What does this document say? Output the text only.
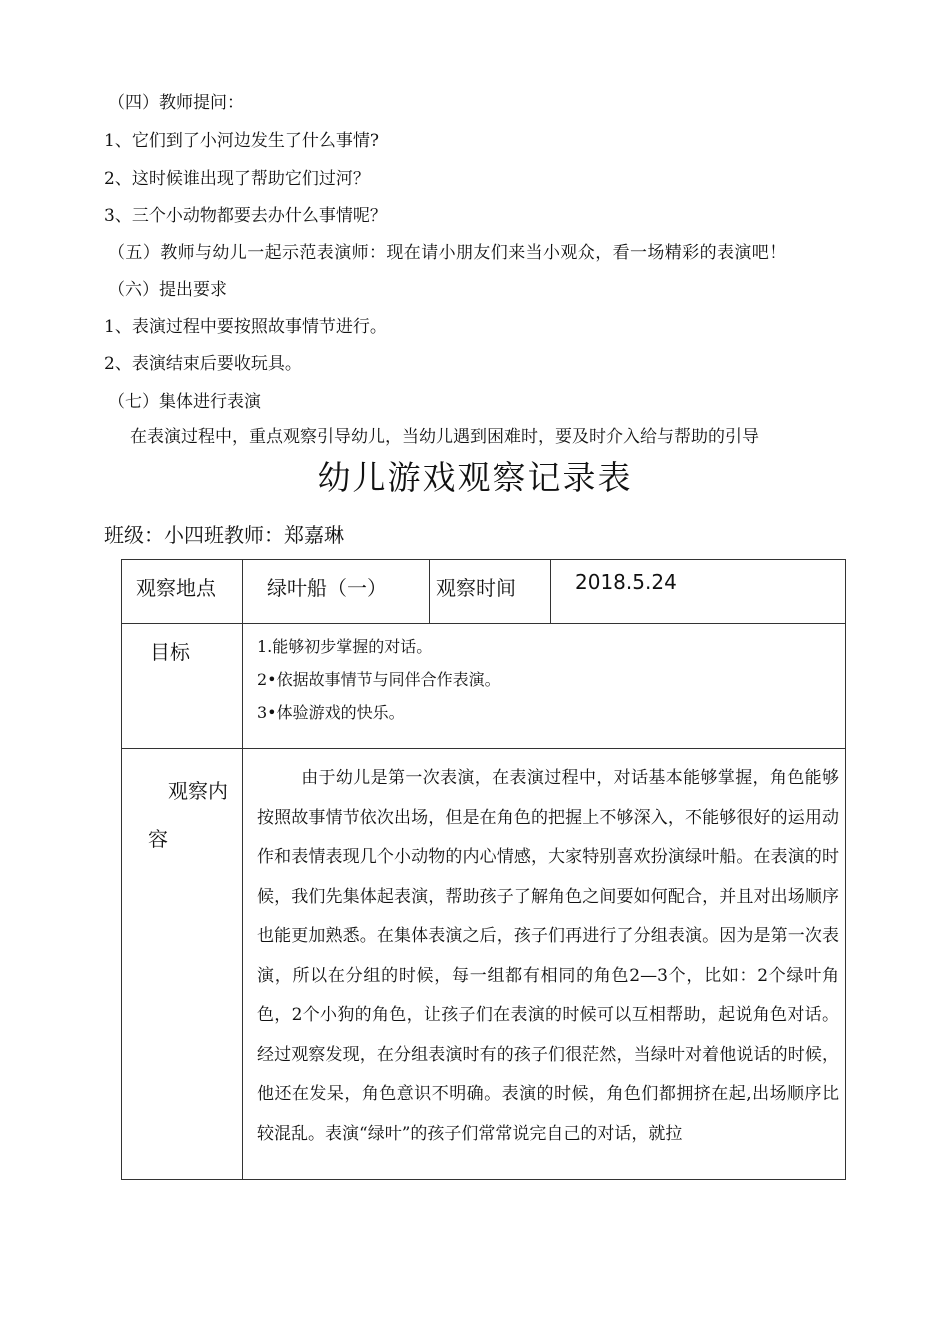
（四）教师提问：
1、它们到了小河边发生了什么事情?
2、这时候谁出现了帮助它们过河？
3、三个小动物都要去办什么事情呢？
（五）教师与幼儿一起示范表演师：现在请小朋友们来当小观众，看一场精彩的表演吧！
（六）提出要求
1、表演过程中要按照故事情节进行。
2、表演结束后要收玩具。
（七）集体进行表演
在表演过程中，重点观察引导幼儿，当幼儿遇到困难时，要及时介入给与帮助的引导
幼儿游戏观察记录表
班级：小四班教师：郑嘉琳
观察地点	绿叶船（一）	观察时间	2018.5.24
目标	1.能够初步掌握的对话。
2•依据故事情节与同伴合作表演。
3•体验游戏的快乐。		

观察内
容	由于幼儿是第一次表演，在表演过程中，对话基本能够掌握，角色能够按照故事情节依次出场，但是在角色的把握上不够深入，不能够很好的运用动作和表情表现几个小动物的内心情感，大家特别喜欢扮演绿叶船。在表演的时候，我们先集体起表演，帮助孩子了解角色之间要如何配合，并且对出场顺序也能更加熟悉。在集体表演之后，孩子们再进行了分组表演。因为是第一次表演，所以在分组的时候，每一组都有相同的角色2—3个，比如：2个绿叶角色，2个小狗的角色，让孩子们在表演的时候可以互相帮助，起说角色对话。经过观察发现，在分组表演时有的孩子们很茫然，当绿叶对着他说话的时候，他还在发呆，角色意识不明确。表演的时候，角色们都拥挤在起,出场顺序比较混乱。表演“绿叶”的孩子们常常说完自己的对话，就拉		
